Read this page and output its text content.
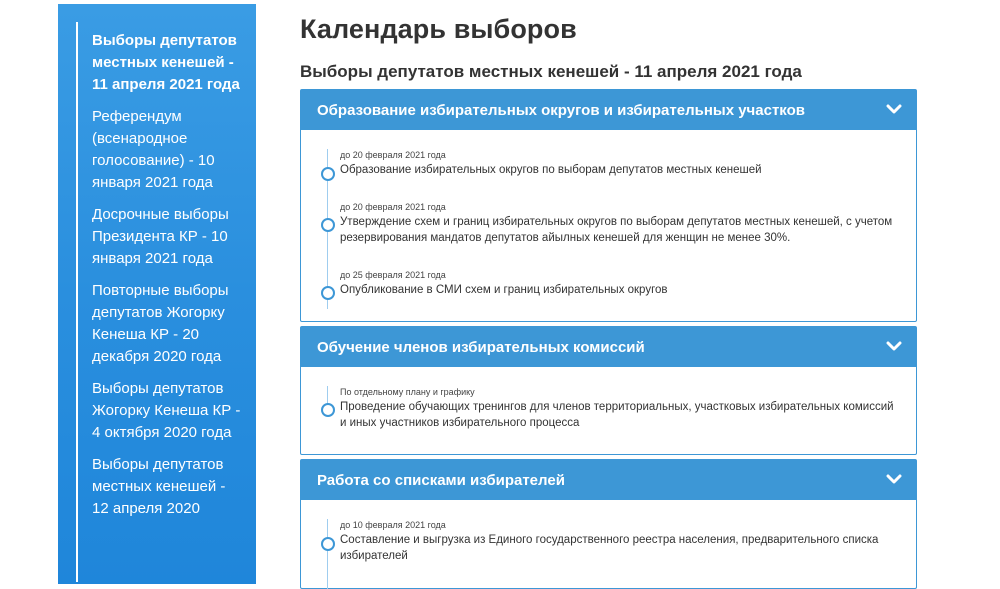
Выборы депутатов местных кенешей - 11 апреля 2021 года
Референдум (всенародное голосование) - 10 января 2021 года
Досрочные выборы Президента КР - 10 января 2021 года
Повторные выборы депутатов Жогорку Кенеша КР - 20 декабря 2020 года
Выборы депутатов Жогорку Кенеша КР - 4 октября 2020 года
Выборы депутатов местных кенешей - 12 апреля 2020
Календарь выборов
Выборы депутатов местных кенешей - 11 апреля 2021 года
Образование избирательных округов и избирательных участков
до 20 февраля 2021 года
Образование избирательных округов по выборам депутатов местных кенешей
до 20 февраля 2021 года
Утверждение схем и границ избирательных округов по выборам депутатов местных кенешей, с учетом резервирования мандатов депутатов айылных кенешей для женщин не менее 30%.
до 25 февраля 2021 года
Опубликование в СМИ схем и границ избирательных округов
Обучение членов избирательных комиссий
По отдельному плану и графику
Проведение обучающих тренингов для членов территориальных, участковых избирательных комиссий и иных участников избирательного процесса
Работа со списками избирателей
до 10 февраля 2021 года
Составление и выгрузка из Единого государственного реестра населения, предварительного списка избирателей
